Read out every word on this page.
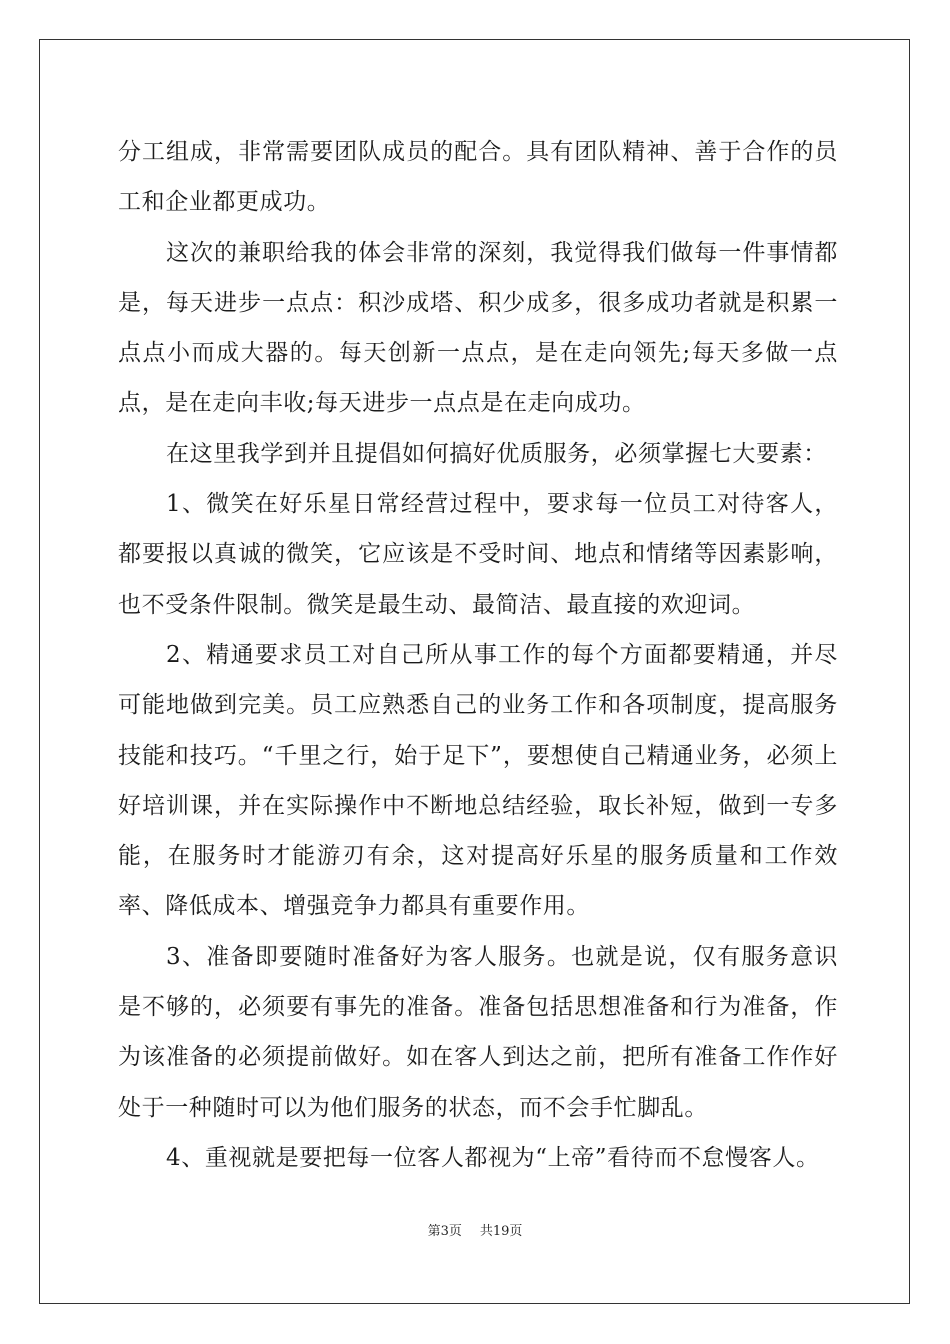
分工组成，非常需要团队成员的配合。具有团队精神、善于合作的员工和企业都更成功。

这次的兼职给我的体会非常的深刻，我觉得我们做每一件事情都是，每天进步一点点：积沙成塔、积少成多，很多成功者就是积累一点点小而成大器的。每天创新一点点，是在走向领先;每天多做一点点，是在走向丰收;每天进步一点点是在走向成功。

在这里我学到并且提倡如何搞好优质服务，必须掌握七大要素：

1、微笑在好乐星日常经营过程中，要求每一位员工对待客人，都要报以真诚的微笑，它应该是不受时间、地点和情绪等因素影响，也不受条件限制。微笑是最生动、最简洁、最直接的欢迎词。

2、精通要求员工对自己所从事工作的每个方面都要精通，并尽可能地做到完美。员工应熟悉自己的业务工作和各项制度，提高服务技能和技巧。“千里之行，始于足下”，要想使自己精通业务，必须上好培训课，并在实际操作中不断地总结经验，取长补短，做到一专多能，在服务时才能游刃有余，这对提高好乐星的服务质量和工作效率、降低成本、增强竞争力都具有重要作用。

3、准备即要随时准备好为客人服务。也就是说，仅有服务意识是不够的，必须要有事先的准备。准备包括思想准备和行为准备，作为该准备的必须提前做好。如在客人到达之前，把所有准备工作作好处于一种随时可以为他们服务的状态，而不会手忙脚乱。

4、重视就是要把每一位客人都视为“上帝”看待而不怠慢客人。

第3页 共19页
